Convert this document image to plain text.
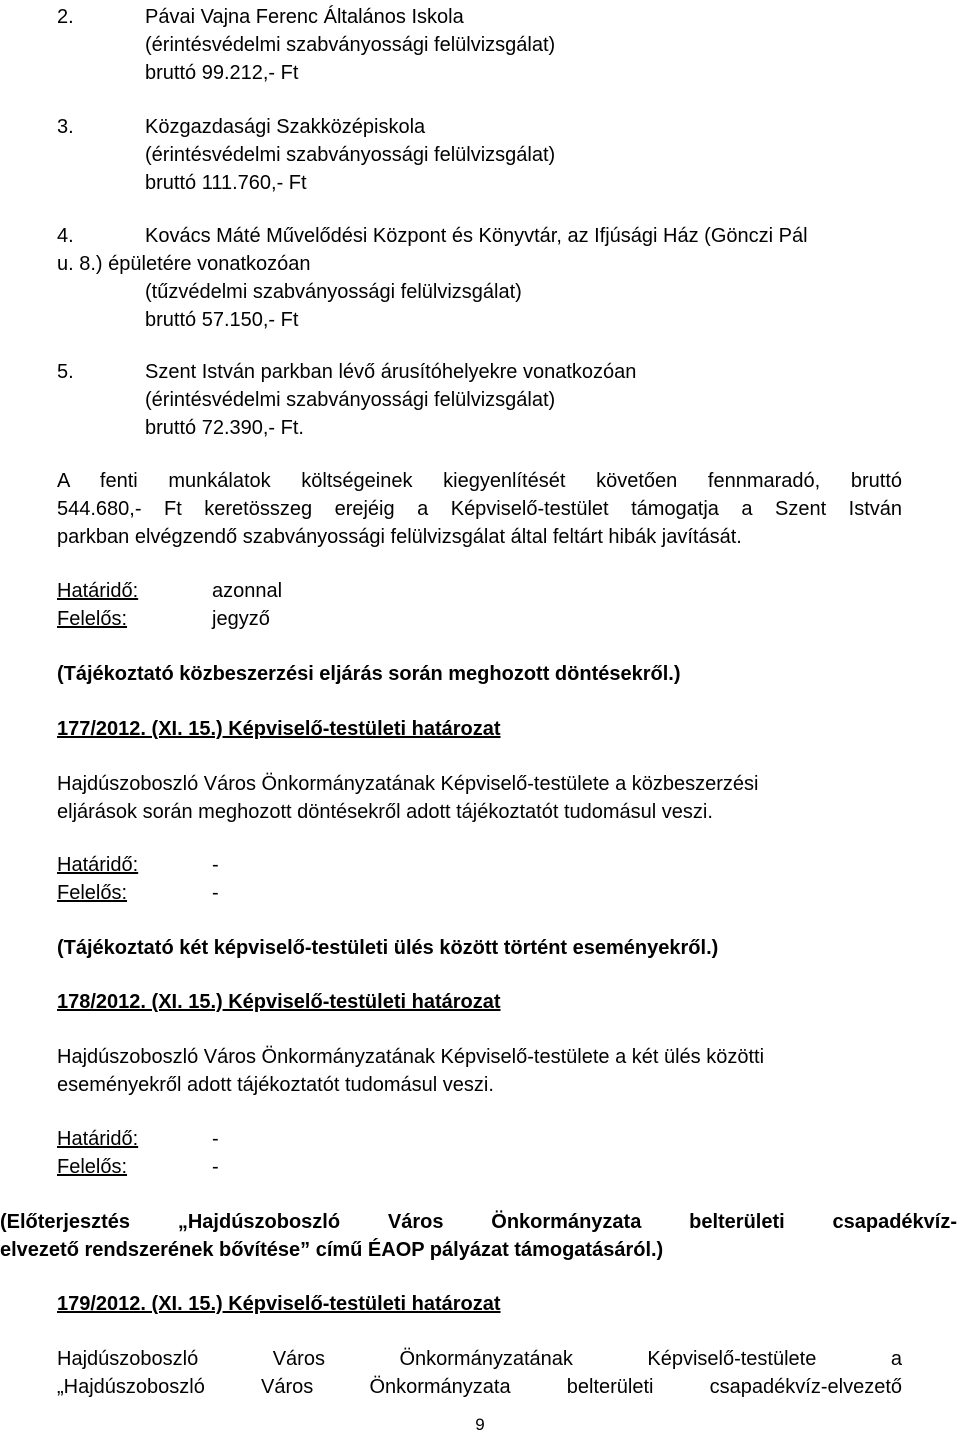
2.	Pávai Vajna Ferenc Általános Iskola
(érintésvédelmi szabványossági felülvizsgálat)
bruttó 99.212,- Ft
3.	Közgazdasági Szakközépiskola
(érintésvédelmi szabványossági felülvizsgálat)
bruttó 111.760,- Ft
4.	Kovács Máté Művelődési Központ és Könyvtár, az Ifjúsági Ház (Gönczi Pál
u. 8.) épületére vonatkozóan
(tűzvédelmi szabványossági felülvizsgálat)
bruttó 57.150,- Ft
5.	Szent István parkban lévő árusítóhelyekre vonatkozóan
(érintésvédelmi szabványossági felülvizsgálat)
bruttó 72.390,- Ft.
A fenti munkálatok költségeinek kiegyenlítését követően fennmaradó, bruttó
544.680,- Ft keretösszeg erejéig a Képviselő-testület támogatja a Szent István
parkban elvégzendő szabványossági felülvizsgálat által feltárt hibák javítását.
Határidő:	azonnal
Felelős:	jegyző
(Tájékoztató közbeszerzési eljárás során meghozott döntésekről.)
177/2012. (XI. 15.) Képviselő-testületi határozat
Hajdúszoboszló Város Önkormányzatának Képviselő-testülete a közbeszerzési
eljárások során meghozott döntésekről adott tájékoztatót tudomásul veszi.
Határidő:	-
Felelős:	-
(Tájékoztató két képviselő-testületi ülés között történt eseményekről.)
178/2012. (XI. 15.) Képviselő-testületi határozat
Hajdúszoboszló Város Önkormányzatának Képviselő-testülete a két ülés közötti
eseményekről adott tájékoztatót tudomásul veszi.
Határidő:	-
Felelős:	-
(Előterjesztés „Hajdúszoboszló Város Önkormányzata belterületi csapadékvíz-
elvezető rendszerének bővítése” című ÉAOP pályázat támogatásáról.)
179/2012. (XI. 15.) Képviselő-testületi határozat
Hajdúszoboszló Város Önkormányzatának Képviselő-testülete a
„Hajdúszoboszló Város Önkormányzata belterületi csapadékvíz-elvezető
9
